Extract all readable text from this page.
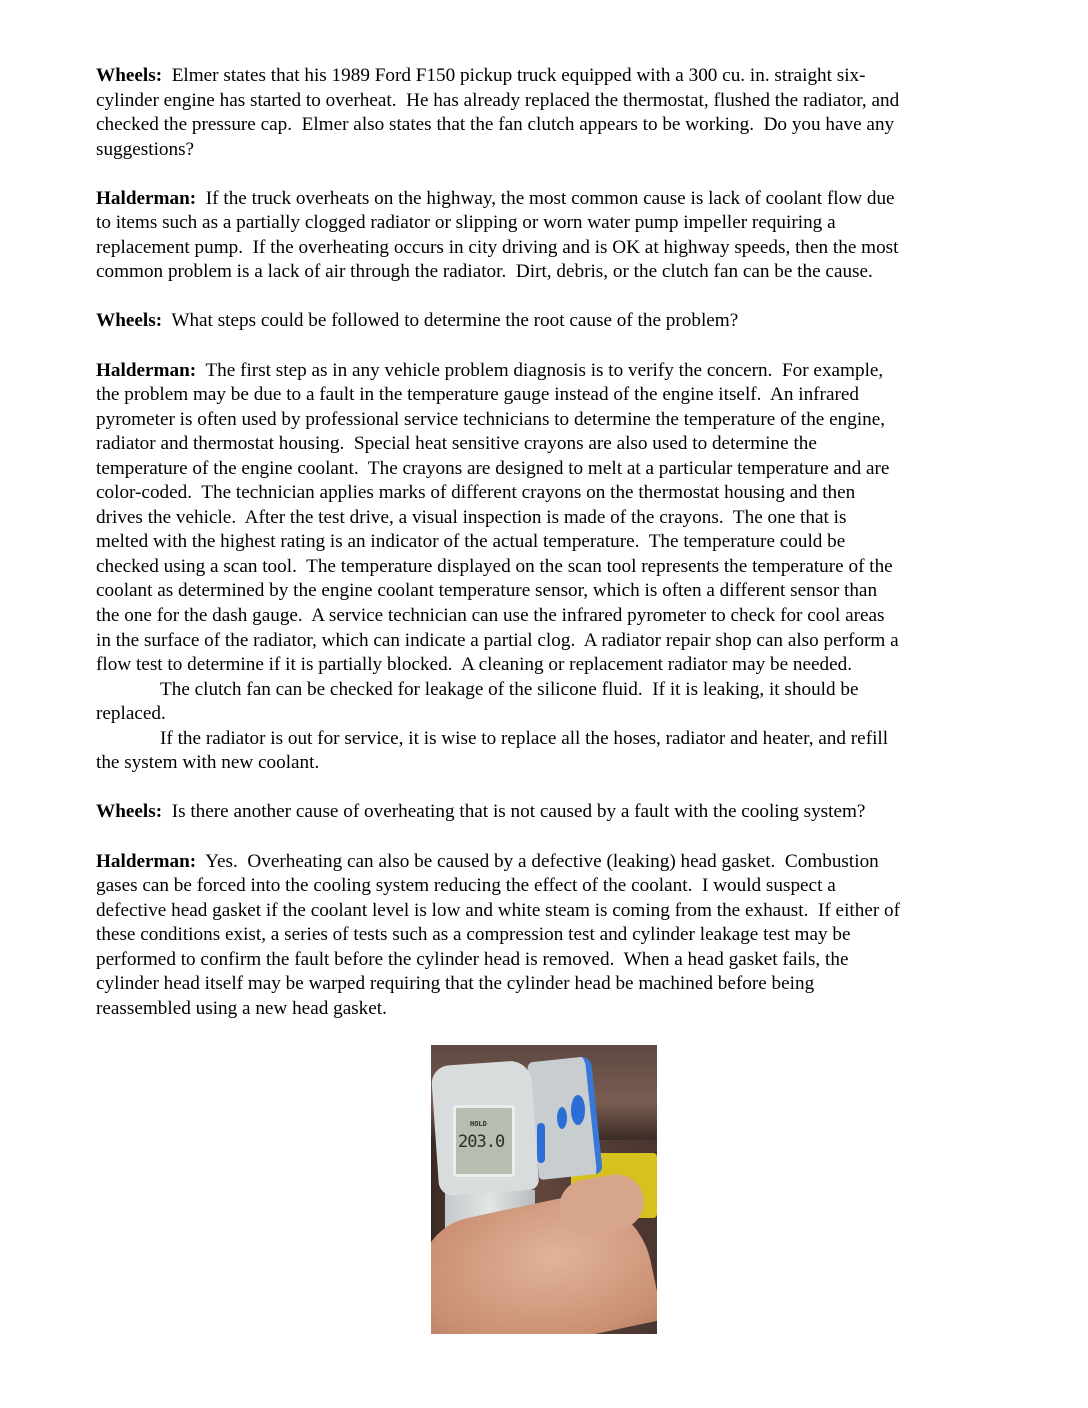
Wheels:  Elmer states that his 1989 Ford F150 pickup truck equipped with a 300 cu. in. straight six-
cylinder engine has started to overheat.  He has already replaced the thermostat, flushed the radiator, and
checked the pressure cap.  Elmer also states that the fan clutch appears to be working.  Do you have any
suggestions?
Halderman:  If the truck overheats on the highway, the most common cause is lack of coolant flow due
to items such as a partially clogged radiator or slipping or worn water pump impeller requiring a
replacement pump.  If the overheating occurs in city driving and is OK at highway speeds, then the most
common problem is a lack of air through the radiator.  Dirt, debris, or the clutch fan can be the cause.
Wheels:  What steps could be followed to determine the root cause of the problem?
Halderman:  The first step as in any vehicle problem diagnosis is to verify the concern.  For example,
the problem may be due to a fault in the temperature gauge instead of the engine itself.  An infrared
pyrometer is often used by professional service technicians to determine the temperature of the engine,
radiator and thermostat housing.  Special heat sensitive crayons are also used to determine the
temperature of the engine coolant.  The crayons are designed to melt at a particular temperature and are
color-coded.  The technician applies marks of different crayons on the thermostat housing and then
drives the vehicle.  After the test drive, a visual inspection is made of the crayons.  The one that is
melted with the highest rating is an indicator of the actual temperature.  The temperature could be
checked using a scan tool.  The temperature displayed on the scan tool represents the temperature of the
coolant as determined by the engine coolant temperature sensor, which is often a different sensor than
the one for the dash gauge.  A service technician can use the infrared pyrometer to check for cool areas
in the surface of the radiator, which can indicate a partial clog.  A radiator repair shop can also perform a
flow test to determine if it is partially blocked.  A cleaning or replacement radiator may be needed.
The clutch fan can be checked for leakage of the silicone fluid.  If it is leaking, it should be
replaced.
If the radiator is out for service, it is wise to replace all the hoses, radiator and heater, and refill
the system with new coolant.
Wheels:  Is there another cause of overheating that is not caused by a fault with the cooling system?
Halderman:  Yes.  Overheating can also be caused by a defective (leaking) head gasket.  Combustion
gases can be forced into the cooling system reducing the effect of the coolant.  I would suspect a
defective head gasket if the coolant level is low and white steam is coming from the exhaust.  If either of
these conditions exist, a series of tests such as a compression test and cylinder leakage test may be
performed to confirm the fault before the cylinder head is removed.  When a head gasket fails, the
cylinder head itself may be warped requiring that the cylinder head be machined before being
reassembled using a new head gasket.
HOLD
203.0
